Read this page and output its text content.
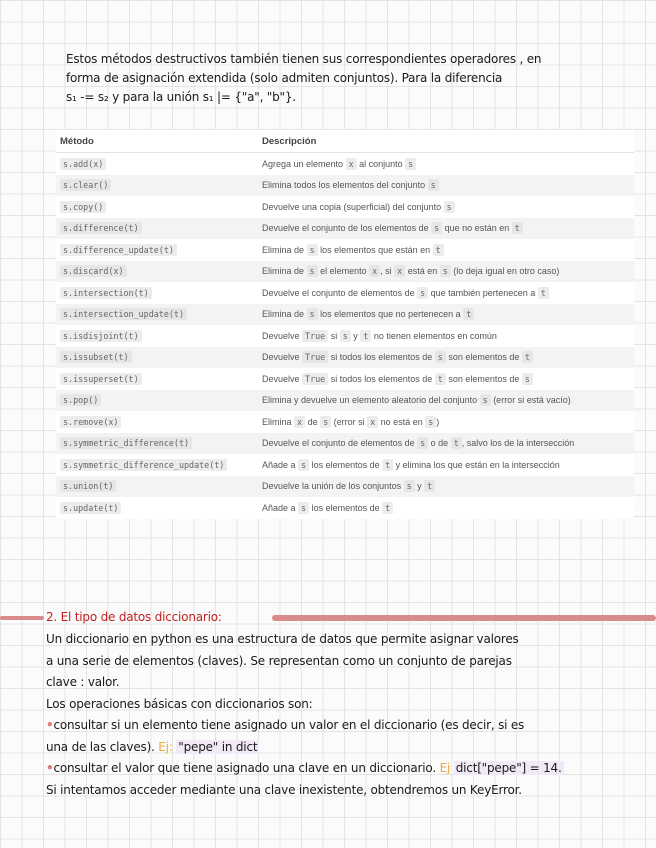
Estos métodos destructivos también tienen sus correspondientes operadores , en
forma de asignación extendida (solo admiten conjuntos). Para la diferencia
s₁ -= s₂ y para la unión s₁ |= {"a", "b"}.
Método	Descripción
s.add(x)	Agrega un elemento x al conjunto s
s.clear()	Elimina todos los elementos del conjunto s
s.copy()	Devuelve una copia (superficial) del conjunto s
s.difference(t)	Devuelve el conjunto de los elementos de s que no están en t
s.difference_update(t)	Elimina de s los elementos que están en t
s.discard(x)	Elimina de s el elemento x , si x está en s (lo deja igual en otro caso)
s.intersection(t)	Devuelve el conjunto de elementos de s que también pertenecen a t
s.intersection_update(t)	Elimina de s los elementos que no pertenecen a t
s.isdisjoint(t)	Devuelve True si s y t no tienen elementos en común
s.issubset(t)	Devuelve True si todos los elementos de s son elementos de t
s.issuperset(t)	Devuelve True si todos los elementos de t son elementos de s
s.pop()	Elimina y devuelve un elemento aleatorio del conjunto s (error si está vacío)
s.remove(x)	Elimina x de s (error si x no está en s )
s.symmetric_difference(t)	Devuelve el conjunto de elementos de s o de t , salvo los de la intersección
s.symmetric_difference_update(t)	Añade a s los elementos de t y elimina los que están en la intersección
s.union(t)	Devuelve la unión de los conjuntos s y t
s.update(t)	Añade a s los elementos de t
2. El tipo de datos diccionario:
Un diccionario en python es una estructura de datos que permite asignar valores
a una serie de elementos (claves). Se representan como un conjunto de parejas
clave : valor.
Los operaciones básicas con diccionarios son:
•consultar si un elemento tiene asignado un valor en el diccionario (es decir, si es
una de las claves). Ej: "pepe" in dict
•consultar el valor que tiene asignado una clave en un diccionario. Ej dict["pepe"] = 14.
Si intentamos acceder mediante una clave inexistente, obtendremos un KeyError.
